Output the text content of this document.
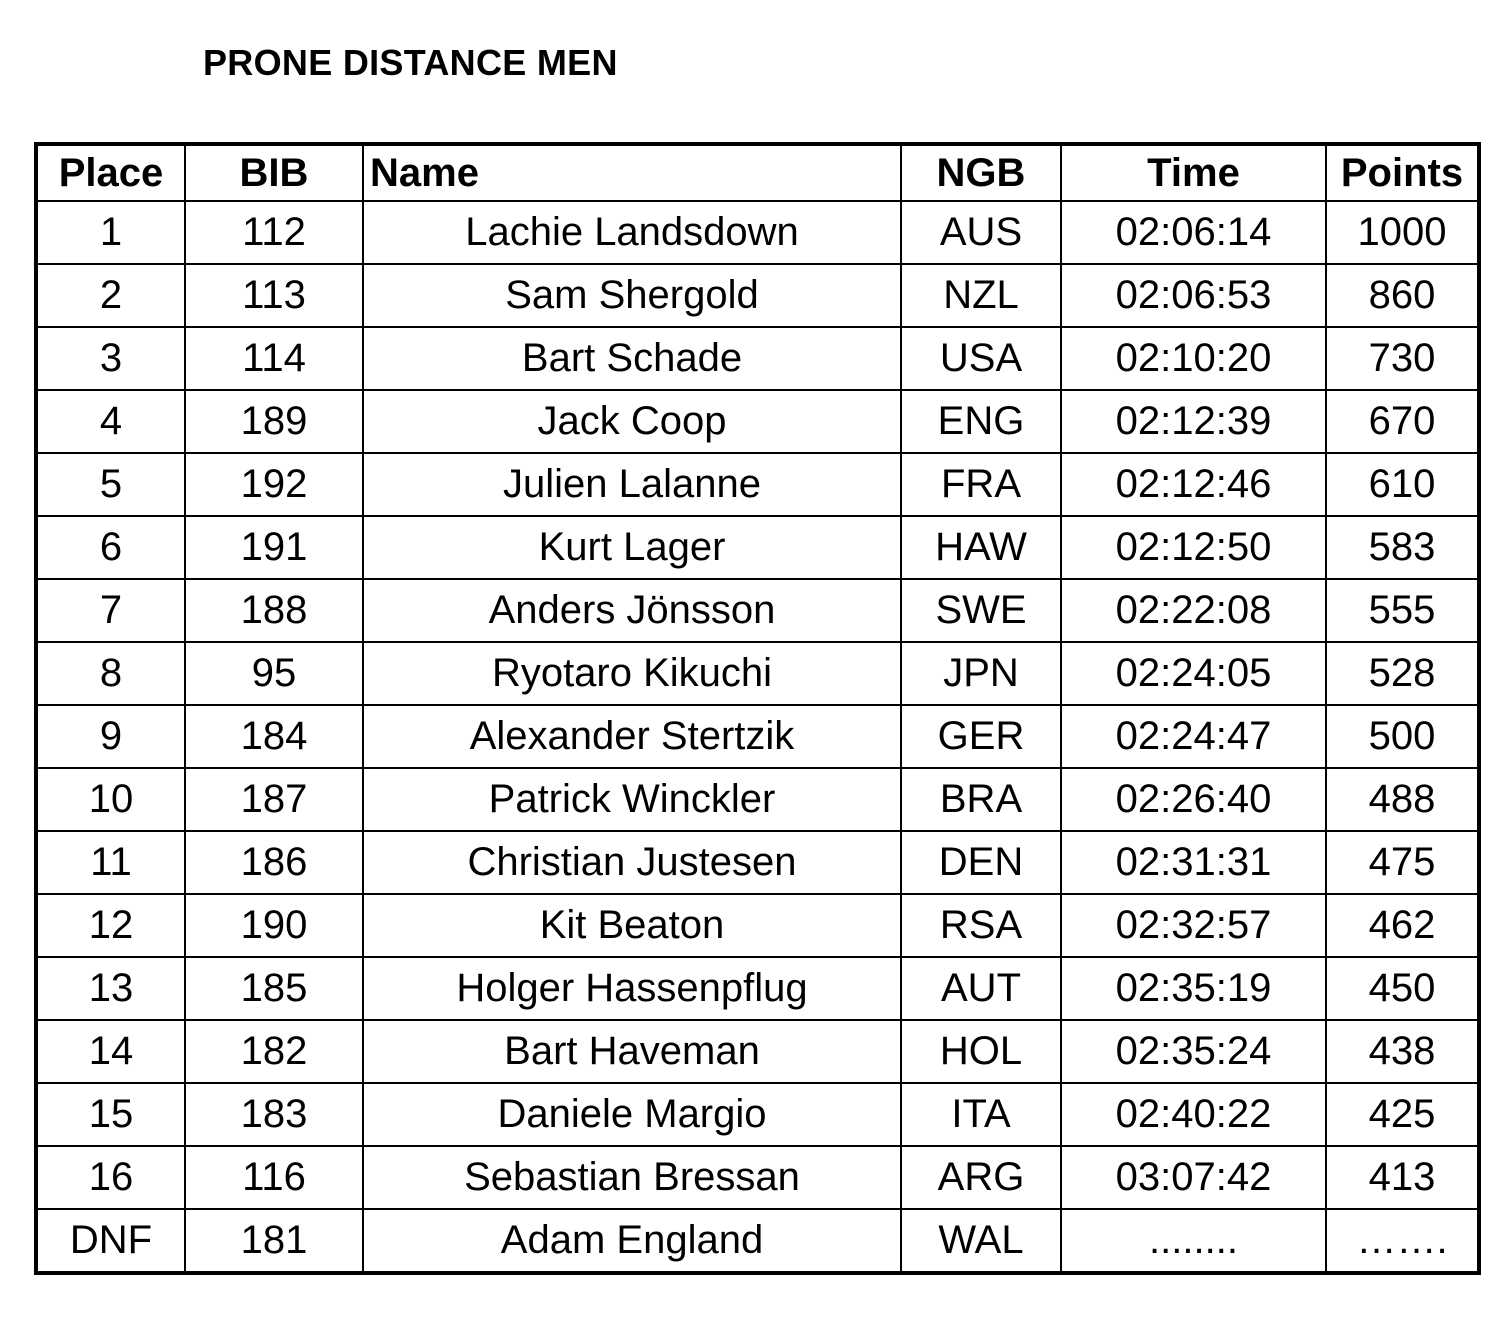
PRONE DISTANCE MEN
Place	BIB	Name	NGB	Time	Points
1	112	Lachie Landsdown	AUS	02:06:14	1000
2	113	Sam Shergold	NZL	02:06:53	860
3	114	Bart Schade	USA	02:10:20	730
4	189	Jack Coop	ENG	02:12:39	670
5	192	Julien Lalanne	FRA	02:12:46	610
6	191	Kurt Lager	HAW	02:12:50	583
7	188	Anders Jönsson	SWE	02:22:08	555
8	95	Ryotaro Kikuchi	JPN	02:24:05	528
9	184	Alexander Stertzik	GER	02:24:47	500
10	187	Patrick Winckler	BRA	02:26:40	488
11	186	Christian Justesen	DEN	02:31:31	475
12	190	Kit Beaton	RSA	02:32:57	462
13	185	Holger Hassenpflug	AUT	02:35:19	450
14	182	Bart Haveman	HOL	02:35:24	438
15	183	Daniele Margio	ITA	02:40:22	425
16	116	Sebastian Bressan	ARG	03:07:42	413
DNF	181	Adam England	WAL	........	…….
